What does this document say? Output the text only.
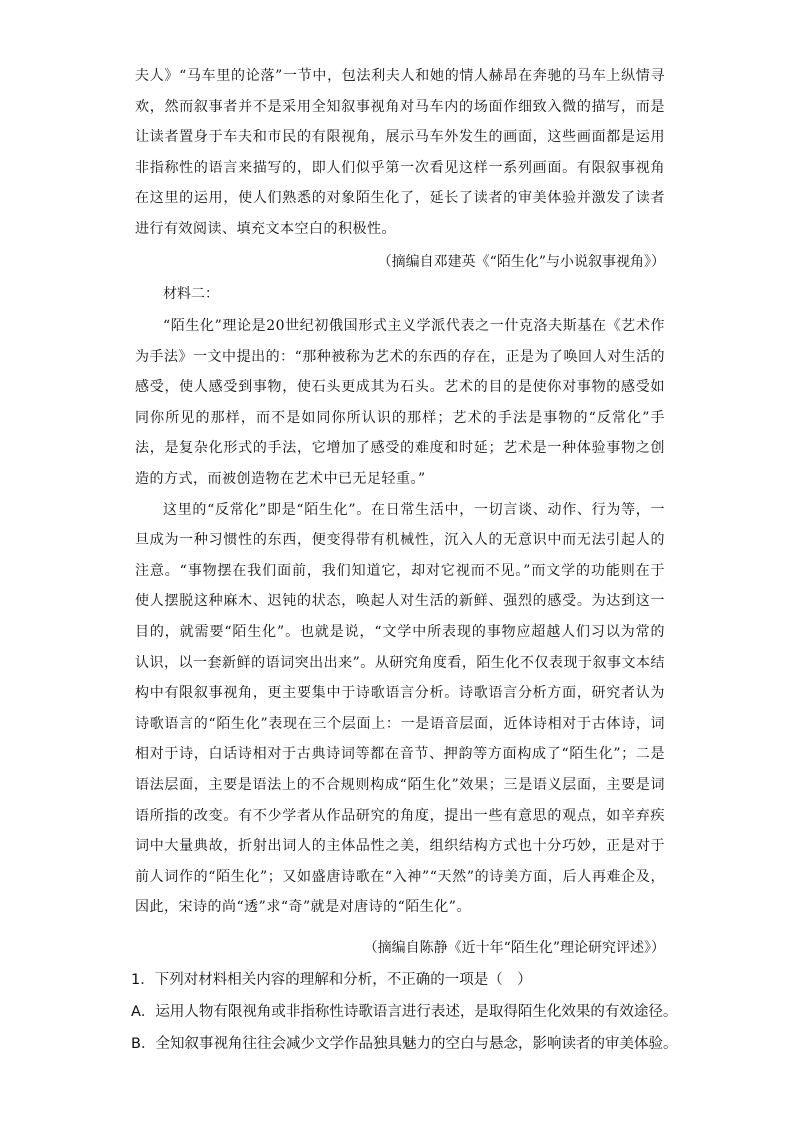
夫人》“马车里的论落”一节中，包法利夫人和她的情人赫昂在奔驰的马车上纵情寻欢，然而叙事者并不是采用全知叙事视角对马车内的场面作细致入微的描写，而是让读者置身于车夫和市民的有限视角，展示马车外发生的画面，这些画面都是运用非指称性的语言来描写的，即人们似乎第一次看见这样一系列画面。有限叙事视角在这里的运用，使人们熟悉的对象陌生化了，延长了读者的审美体验并激发了读者进行有效阅读、填充文本空白的积极性。

（摘编自邓建英《“陌生化”与小说叙事视角》）

材料二：

“陌生化”理论是20世纪初俄国形式主义学派代表之一什克洛夫斯基在《艺术作为手法》一文中提出的：“那种被称为艺术的东西的存在，正是为了唤回人对生活的感受，使人感受到事物，使石头更成其为石头。艺术的目的是使你对事物的感受如同你所见的那样，而不是如同你所认识的那样；艺术的手法是事物的“反常化”手法，是复杂化形式的手法，它增加了感受的难度和时延；艺术是一种体验事物之创造的方式，而被创造物在艺术中已无足轻重。”

这里的“反常化”即是“陌生化”。在日常生活中，一切言谈、动作、行为等，一旦成为一种习惯性的东西，便变得带有机械性，沉入人的无意识中而无法引起人的注意。“事物摆在我们面前，我们知道它，却对它视而不见。”而文学的功能则在于使人摆脱这种麻木、迟钝的状态，唤起人对生活的新鲜、强烈的感受。为达到这一目的，就需要“陌生化”。也就是说，“文学中所表现的事物应超越人们习以为常的认识，以一套新鲜的语词突出出来”。从研究角度看，陌生化不仅表现于叙事文本结构中有限叙事视角，更主要集中于诗歌语言分析。诗歌语言分析方面，研究者认为诗歌语言的“陌生化”表现在三个层面上：一是语音层面，近体诗相对于古体诗，词相对于诗，白话诗相对于古典诗词等都在音节、押韵等方面构成了“陌生化”；二是语法层面，主要是语法上的不合规则构成“陌生化”效果；三是语义层面，主要是词语所指的改变。有不少学者从作品研究的角度，提出一些有意思的观点，如辛弃疾词中大量典故，折射出词人的主体品性之美，组织结构方式也十分巧妙，正是对于前人词作的“陌生化”；又如盛唐诗歌在“入神”“天然”的诗美方面，后人再难企及，因此，宋诗的尚“透”求“奇”就是对唐诗的“陌生化”。

（摘编自陈静《近十年“陌生化”理论研究评述》）

1．下列对材料相关内容的理解和分析，不正确的一项是（　）

A．运用人物有限视角或非指称性诗歌语言进行表述，是取得陌生化效果的有效途径。

B．全知叙事视角往往会减少文学作品独具魅力的空白与悬念，影响读者的审美体验。
